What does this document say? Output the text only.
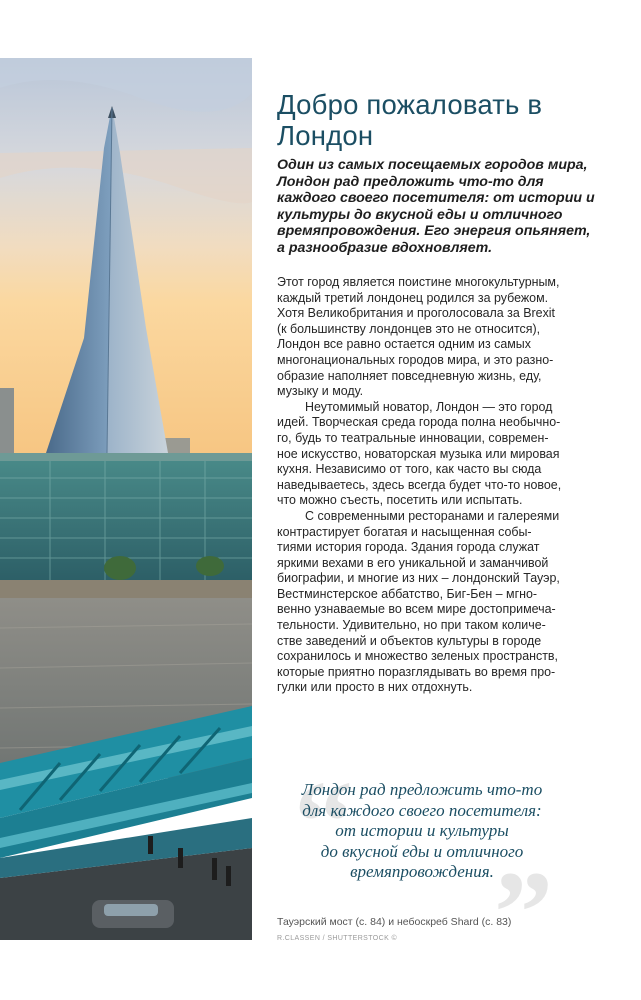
Добро пожаловать в Лондон

Один из самых посещаемых городов мира, Лондон рад предложить что-то для каждого своего посетителя: от истории и культуры до вкусной еды и отличного времяпровождения. Его энергия опьяняет, а разнообразие вдохновляет.

Этот город является поистине многокультурным,
каждый третий лондонец родился за рубежом.
Хотя Великобритания и проголосовала за Brexit
(к большинству лондонцев это не относится),
Лондон все равно остается одним из самых
многонациональных городов мира, и это разно-
образие наполняет повседневную жизнь, еду,
музыку и моду.

Неутомимый новатор, Лондон — это город
идей. Творческая среда города полна необычно-
го, будь то театральные инновации, современ-
ное искусство, новаторская музыка или мировая
кухня. Независимо от того, как часто вы сюда
наведываетесь, здесь всегда будет что-то новое,
что можно съесть, посетить или испытать.

С современными ресторанами и галереями
контрастирует богатая и насыщенная собы-
тиями история города. Здания города служат
яркими вехами в его уникальной и заманчивой
биографии, и многие из них – лондонский Тауэр,
Вестминстерское аббатство, Биг-Бен – мгно-
венно узнаваемые во всем мире достопримеча-
тельности. Удивительно, но при таком количе-
стве заведений и объектов культуры в городе
сохранилось и множество зеленых пространств,
которые приятно поразглядывать во время про-
гулки или просто в них отдохнуть.

“
”

Лондон рад предложить что-то
для каждого своего посетителя:
от истории и культуры
до вкусной еды и отличного
времяпровождения.

Тауэрский мост (с. 84) и небоскреб Shard (с. 83)

R.CLASSEN / SHUTTERSTOCK ©
